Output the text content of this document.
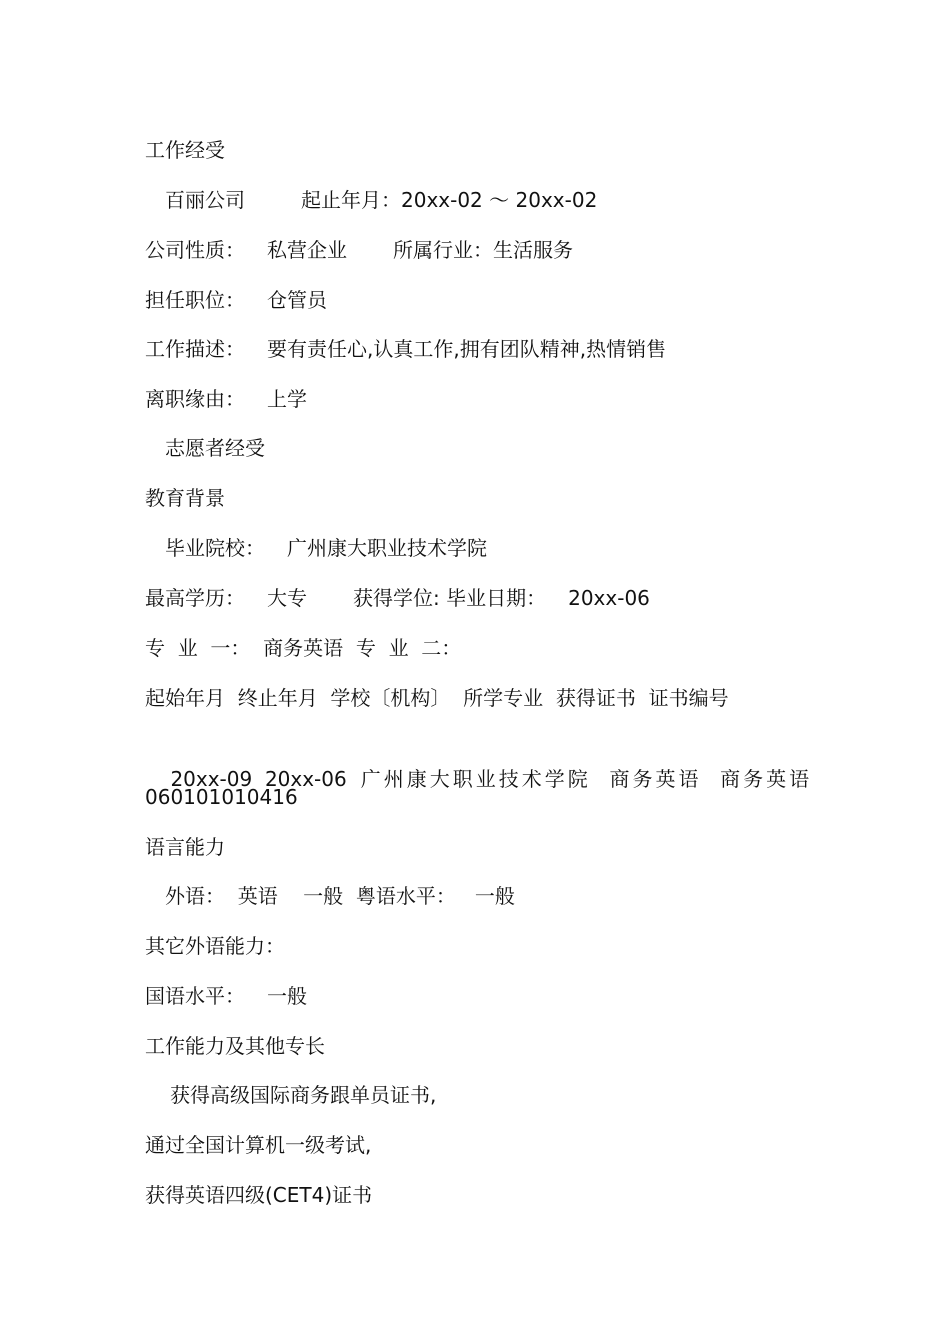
工作经受
百丽公司	起止年月：20xx-02 ～ 20xx-02
公司性质： 私营企业 所属行业：生活服务
担任职位： 仓管员
工作描述： 要有责任心,认真工作,拥有团队精神,热情销售
离职缘由： 上学
志愿者经受
教育背景
毕业院校： 广州康大职业技术学院
最高学历： 大专 获得学位: 毕业日期： 20xx-06
专  业  一：  商务英语  专  业  二：
起始年月  终止年月  学校〔机构〕  所学专业  获得证书  证书编号

20xx-09  20xx-06 广州康大职业技术学院  商务英语  商务英语

060101010416
语言能力
外语：  英语    一般  粤语水平：   一般
其它外语能力：
国语水平： 一般
工作能力及其他专长
获得高级国际商务跟单员证书,
通过全国计算机一级考试,
获得英语四级(CET4)证书
